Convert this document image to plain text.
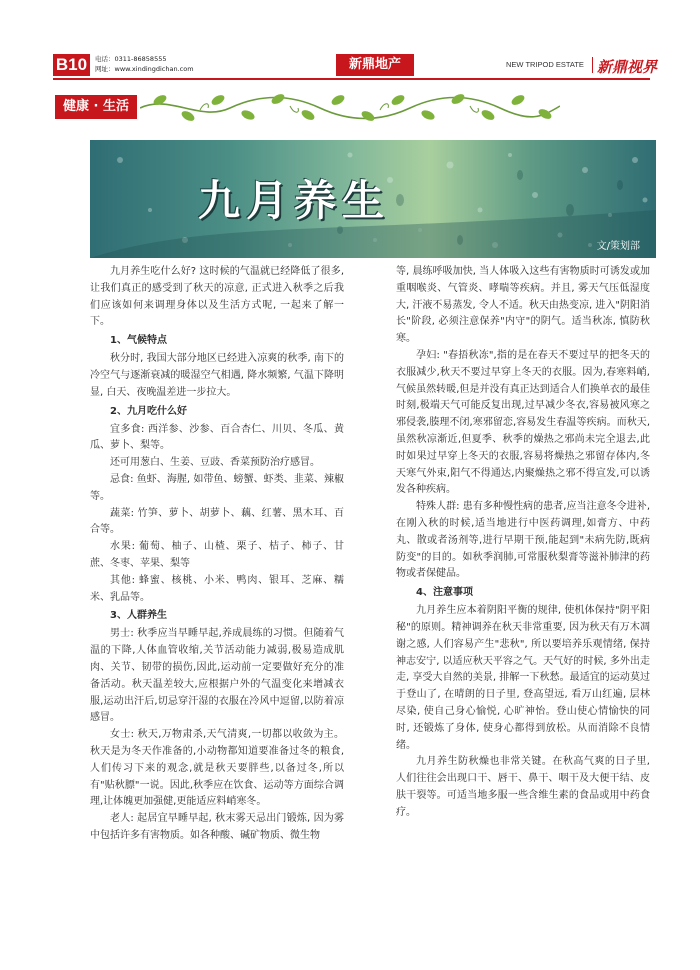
B10	电话：0311-86858555
网址：www.xindingdichan.com	新鼎地产	NEW TRIPOD ESTATE 新鼎视界
健康 · 生活
九月养生
文/策划部

九月养生吃什么好? 这时候的气温就已经降低了很多, 让我们真正的感受到了秋天的凉意, 正式进入秋季之后我们应该如何来调理身体以及生活方式呢, 一起来了解一下。

1、气候特点

秋分时, 我国大部分地区已经进入凉爽的秋季, 南下的冷空气与逐渐衰减的暖湿空气相遇, 降水频繁, 气温下降明显, 白天、夜晚温差进一步拉大。

2、九月吃什么好

宜多食: 西洋参、沙参、百合杏仁、川贝、冬瓜、黄瓜、萝卜、梨等。

还可用葱白、生姜、豆豉、香菜预防治疗感冒。

忌食: 鱼虾、海腥, 如带鱼、螃蟹、虾类、韭菜、辣椒等。

蔬菜: 竹笋、萝卜、胡萝卜、藕、红薯、黑木耳、百合等。

水果: 葡萄、柚子、山楂、栗子、桔子、柿子、甘蔗、冬枣、苹果、梨等

其他: 蜂蜜、核桃、小米、鸭肉、银耳、芝麻、糯米、乳品等。

3、人群养生

男士: 秋季应当早睡早起,养成晨练的习惯。但随着气温的下降,人体血管收缩,关节活动能力减弱,极易造成肌肉、关节、韧带的损伤,因此,运动前一定要做好充分的准备活动。秋天温差较大,应根据户外的气温变化来增减衣服,运动出汗后,切忌穿汗湿的衣服在冷风中逗留,以防着凉感冒。

女士: 秋天,万物肃杀,天气清爽,一切都以收敛为主。秋天是为冬天作准备的,小动物都知道要准备过冬的粮食,人们传习下来的观念,就是秋天要胖些,以备过冬,所以有"贴秋膘"一说。因此,秋季应在饮食、运动等方面综合调理,让体魄更加强健,更能适应料峭寒冬。

老人: 起居宜早睡早起, 秋末雾天忌出门锻炼, 因为雾中包括许多有害物质。如各种酸、碱矿物质、微生物

等, 晨练呼吸加快, 当人体吸入这些有害物质时可诱发或加重咽喉炎、气管炎、哮喘等疾病。并且, 雾天气压低湿度大, 汗液不易蒸发, 令人不适。秋天由热变凉, 进入"阴阳消长"阶段, 必须注意保养"内守"的阴气。适当秋冻, 慎防秋寒。

孕妇: "春捂秋冻",指的是在春天不要过早的把冬天的衣服减少,秋天不要过早穿上冬天的衣服。因为,春寒料峭,气候虽然转暖,但是并没有真正达到适合人们换单衣的最佳时刻,极端天气可能反复出现,过早减少冬衣,容易被风寒之邪侵袭,腠理不闭,寒邪留恋,容易发生春温等疾病。而秋天,虽然秋凉渐近,但夏季、秋季的燥热之邪尚未完全退去,此时如果过早穿上冬天的衣服,容易将燥热之邪留存体内,冬天寒气外束,阳气不得通达,内聚燥热之邪不得宣发,可以诱发各种疾病。

特殊人群: 患有多种慢性病的患者,应当注意冬令进补,在刚入秋的时候,适当地进行中医药调理,如膏方、中药丸、散或者汤剂等,进行早期干预,能起到"未病先防,既病防变"的目的。如秋季润肺,可常服秋梨膏等滋补肺津的药物或者保健品。

4、注意事项

九月养生应本着阴阳平衡的规律, 使机体保持"阴平阳秘"的原则。精神调养在秋天非常重要, 因为秋天有万木凋谢之感, 人们容易产生"悲秋", 所以要培养乐观情绪, 保持神志安宁, 以适应秋天平容之气。天气好的时候, 多外出走走, 享受大自然的美景, 排解一下秋愁。最适宜的运动莫过于登山了, 在晴朗的日子里, 登高望远, 看万山红遍, 层林尽染, 使自己身心愉悦, 心旷神怡。登山使心情愉快的同时, 还锻炼了身体, 使身心都得到放松。从而消除不良情绪。

九月养生防秋燥也非常关键。在秋高气爽的日子里, 人们往往会出现口干、唇干、鼻干、咽干及大便干结、皮肤干裂等。可适当地多服一些含维生素的食品或用中药食疗。
